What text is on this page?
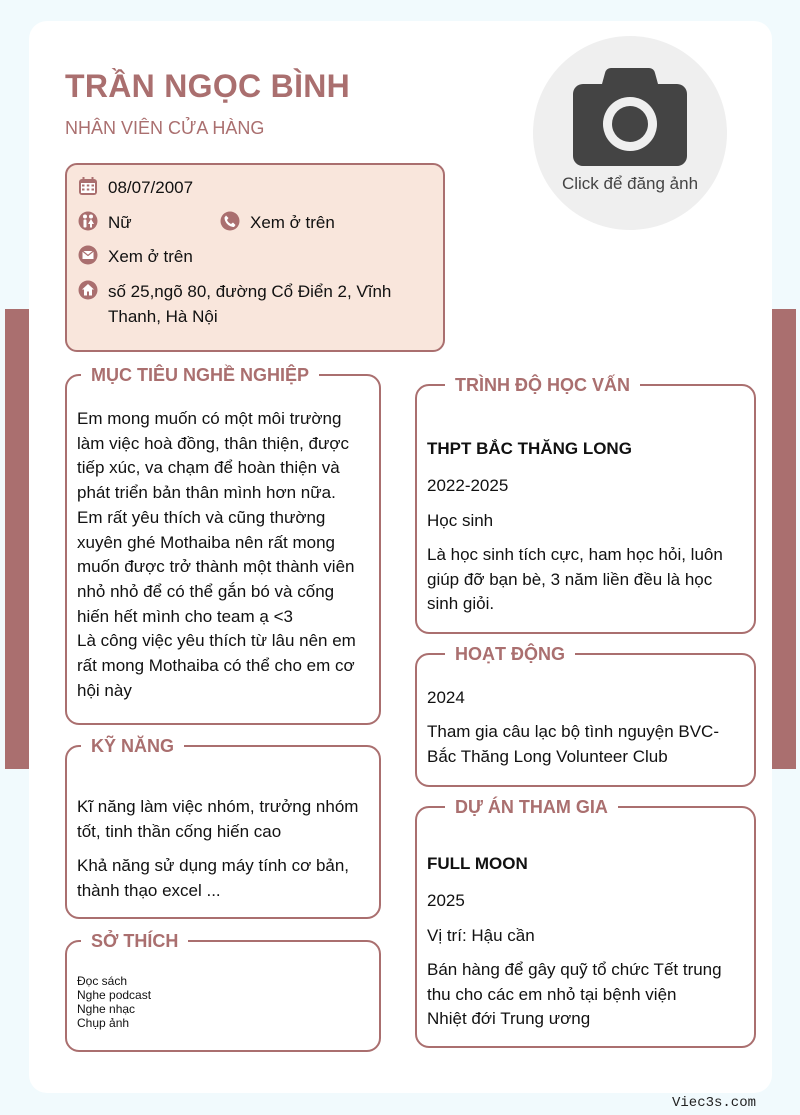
TRẦN NGỌC BÌNH
NHÂN VIÊN CỬA HÀNG
Click để đăng ảnh
08/07/2007
Nữ	Xem ở trên
Xem ở trên
số 25,ngõ 80, đường Cổ Điển 2, Vĩnh
Thanh, Hà Nội
MỤC TIÊU NGHỀ NGHIỆP
Em mong muốn có một môi trường
làm việc hoà đồng, thân thiện, được
tiếp xúc, va chạm để hoàn thiện và
phát triển bản thân mình hơn nữa.
Em rất yêu thích và cũng thường
xuyên ghé Mothaiba nên rất mong
muốn được trở thành một thành viên
nhỏ nhỏ để có thể gắn bó và cống
hiến hết mình cho team ạ <3
Là công việc yêu thích từ lâu nên em
rất mong Mothaiba có thể cho em cơ
hội này
KỸ NĂNG
Kĩ năng làm việc nhóm, trưởng nhóm
tốt, tinh thần cống hiến cao
Khả năng sử dụng máy tính cơ bản,
thành thạo excel ...
SỞ THÍCH
Đọc sách
Nghe podcast
Nghe nhạc
Chụp ảnh
TRÌNH ĐỘ HỌC VẤN
THPT BẮC THĂNG LONG
2022-2025
Học sinh
Là học sinh tích cực, ham học hỏi, luôn
giúp đỡ bạn bè, 3 năm liền đều là học
sinh giỏi.
HOẠT ĐỘNG
2024
Tham gia câu lạc bộ tình nguyện BVC-
Bắc Thăng Long Volunteer Club
DỰ ÁN THAM GIA
FULL MOON
2025
Vị trí: Hậu cần
Bán hàng để gây quỹ tổ chức Tết trung
thu cho các em nhỏ tại bệnh viện
Nhiệt đới Trung ương
Viec3s.com
